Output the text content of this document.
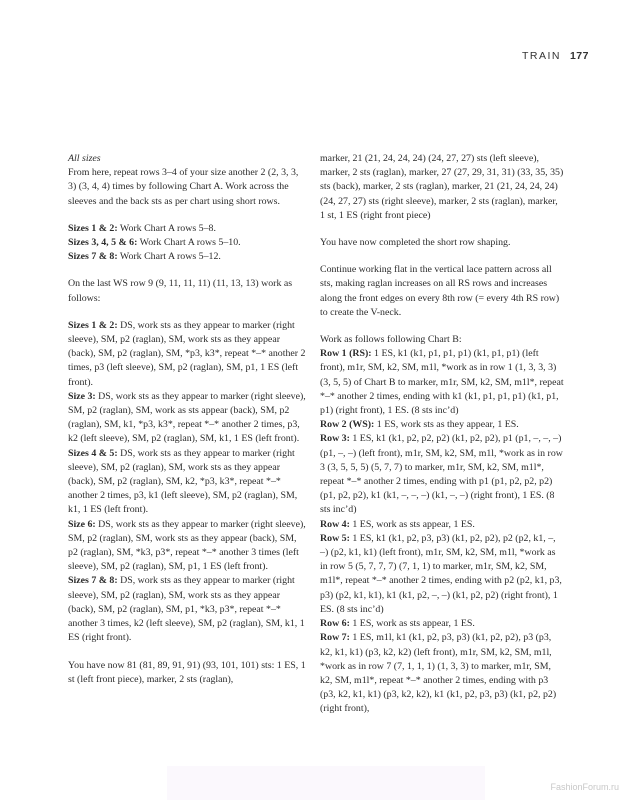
TRAIN 177

All sizes
From here, repeat rows 3–4 of your size another 2 (2, 3, 3, 3) (3, 4, 4) times by following Chart A. Work across the sleeves and the back sts as per chart using short rows.

Sizes 1 & 2: Work Chart A rows 5–8.
Sizes 3, 4, 5 & 6: Work Chart A rows 5–10.
Sizes 7 & 8: Work Chart A rows 5–12.

On the last WS row 9 (9, 11, 11, 11) (11, 13, 13) work as follows:

Sizes 1 & 2: DS, work sts as they appear to marker (right sleeve), SM, p2 (raglan), SM, work sts as they appear (back), SM, p2 (raglan), SM, *p3, k3*, repeat *–* another 2 times, p3 (left sleeve), SM, p2 (raglan), SM, p1, 1 ES (left front).
Size 3: DS, work sts as they appear to marker (right sleeve), SM, p2 (raglan), SM, work as sts appear (back), SM, p2 (raglan), SM, k1, *p3, k3*, repeat *–* another 2 times, p3, k2 (left sleeve), SM, p2 (raglan), SM, k1, 1 ES (left front).
Sizes 4 & 5: DS, work sts as they appear to marker (right sleeve), SM, p2 (raglan), SM, work sts as they appear (back), SM, p2 (raglan), SM, k2, *p3, k3*, repeat *–* another 2 times, p3, k1 (left sleeve), SM, p2 (raglan), SM, k1, 1 ES (left front).
Size 6: DS, work sts as they appear to marker (right sleeve), SM, p2 (raglan), SM, work sts as they appear (back), SM, p2 (raglan), SM, *k3, p3*, repeat *–* another 3 times (left sleeve), SM, p2 (raglan), SM, p1, 1 ES (left front).
Sizes 7 & 8: DS, work sts as they appear to marker (right sleeve), SM, p2 (raglan), SM, work sts as they appear (back), SM, p2 (raglan), SM, p1, *k3, p3*, repeat *–* another 3 times, k2 (left sleeve), SM, p2 (raglan), SM, k1, 1 ES (right front).

You have now 81 (81, 89, 91, 91) (93, 101, 101) sts: 1 ES, 1 st (left front piece), marker, 2 sts (raglan),

marker, 21 (21, 24, 24, 24) (24, 27, 27) sts (left sleeve), marker, 2 sts (raglan), marker, 27 (27, 29, 31, 31) (33, 35, 35) sts (back), marker, 2 sts (raglan), marker, 21 (21, 24, 24, 24) (24, 27, 27) sts (right sleeve), marker, 2 sts (raglan), marker, 1 st, 1 ES (right front piece)

You have now completed the short row shaping.

Continue working flat in the vertical lace pattern across all sts, making raglan increases on all RS rows and increases along the front edges on every 8th row (= every 4th RS row) to create the V-neck.

Work as follows following Chart B:
Row 1 (RS): 1 ES, k1 (k1, p1, p1, p1) (k1, p1, p1) (left front), m1r, SM, k2, SM, m1l, *work as in row 1 (1, 3, 3, 3) (3, 5, 5) of Chart B to marker, m1r, SM, k2, SM, m1l*, repeat *–* another 2 times, ending with k1 (k1, p1, p1, p1) (k1, p1, p1) (right front), 1 ES. (8 sts inc’d)
Row 2 (WS): 1 ES, work sts as they appear, 1 ES.
Row 3: 1 ES, k1 (k1, p2, p2, p2) (k1, p2, p2), p1 (p1, –, –, –) (p1, –, –) (left front), m1r, SM, k2, SM, m1l, *work as in row 3 (3, 5, 5, 5) (5, 7, 7) to marker, m1r, SM, k2, SM, m1l*, repeat *–* another 2 times, ending with p1 (p1, p2, p2, p2) (p1, p2, p2), k1 (k1, –, –, –) (k1, –, –) (right front), 1 ES. (8 sts inc’d)
Row 4: 1 ES, work as sts appear, 1 ES.
Row 5: 1 ES, k1 (k1, p2, p3, p3) (k1, p2, p2), p2 (p2, k1, –, –) (p2, k1, k1) (left front), m1r, SM, k2, SM, m1l, *work as in row 5 (5, 7, 7, 7) (7, 1, 1) to marker, m1r, SM, k2, SM, m1l*, repeat *–* another 2 times, ending with p2 (p2, k1, p3, p3) (p2, k1, k1), k1 (k1, p2, –, –) (k1, p2, p2) (right front), 1 ES. (8 sts inc’d)
Row 6: 1 ES, work as sts appear, 1 ES.
Row 7: 1 ES, m1l, k1 (k1, p2, p3, p3) (k1, p2, p2), p3 (p3, k2, k1, k1) (p3, k2, k2) (left front), m1r, SM, k2, SM, m1l, *work as in row 7 (7, 1, 1, 1) (1, 3, 3) to marker, m1r, SM, k2, SM, m1l*, repeat *–* another 2 times, ending with p3 (p3, k2, k1, k1) (p3, k2, k2), k1 (k1, p2, p3, p3) (k1, p2, p2) (right front),

FashionForum.ru
